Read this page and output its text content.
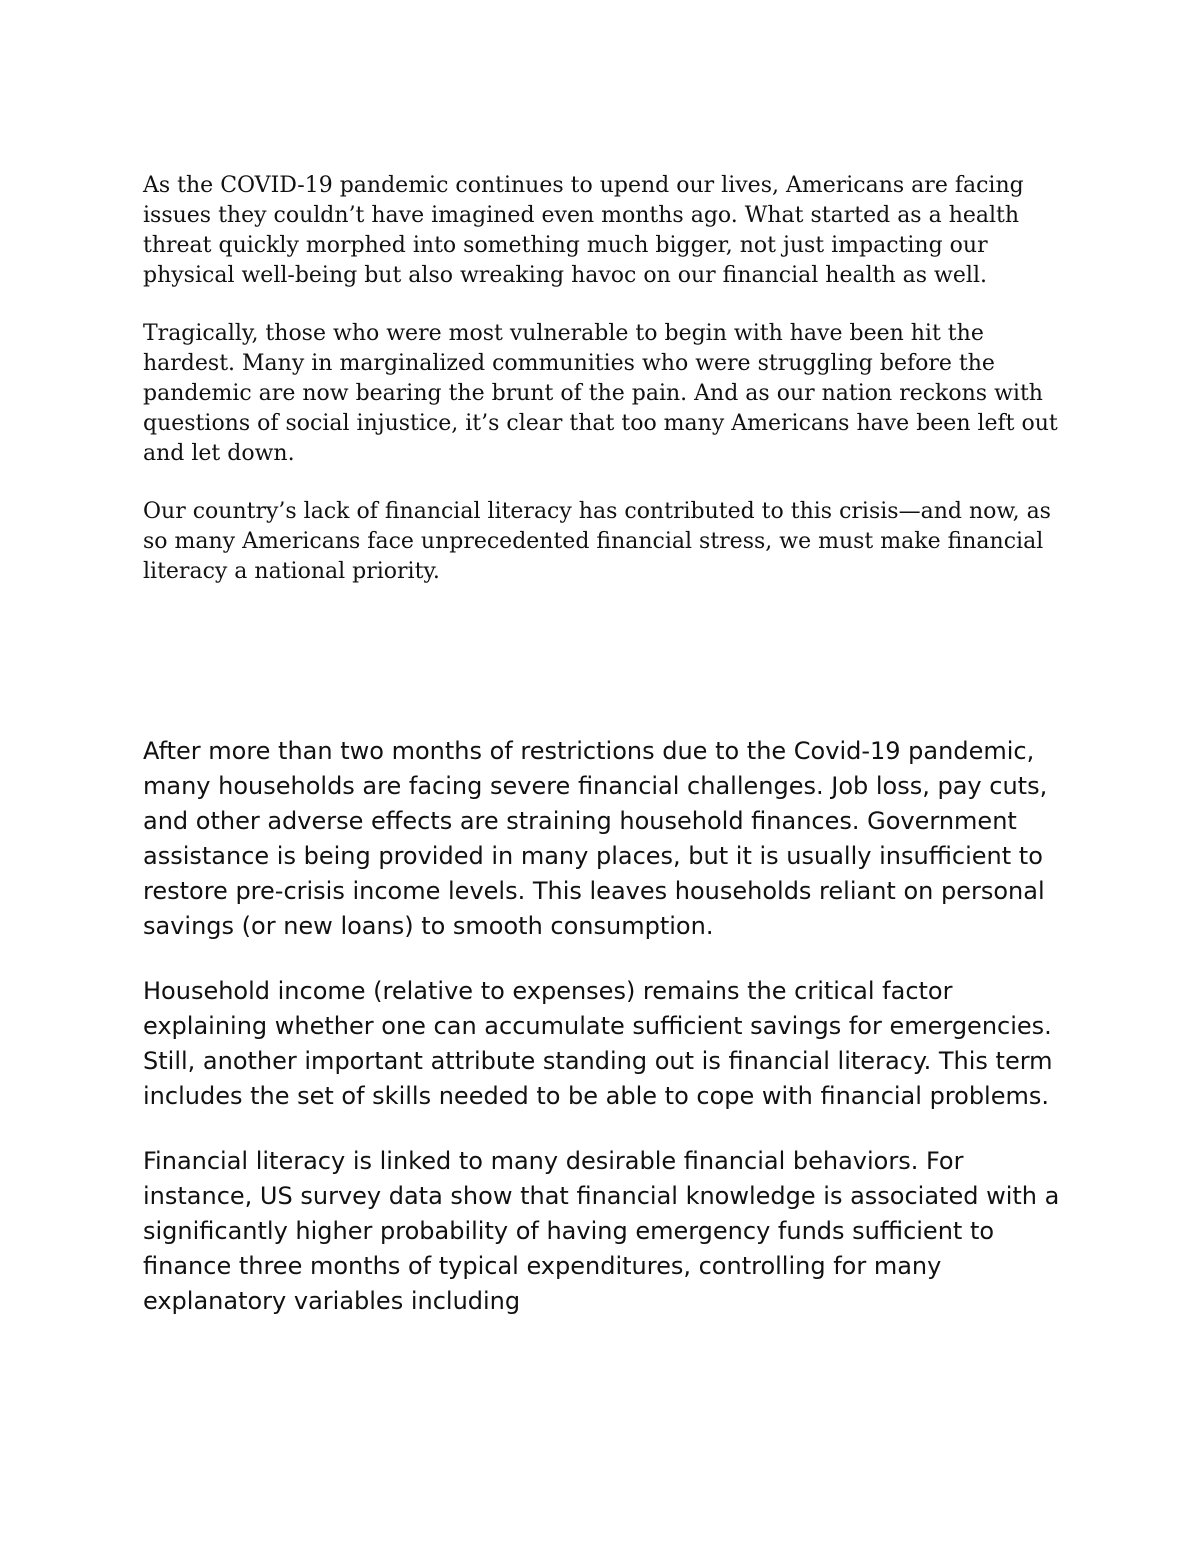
As the COVID-19 pandemic continues to upend our lives, Americans are facing issues they couldn’t have imagined even months ago. What started as a health threat quickly morphed into something much bigger, not just impacting our physical well-being but also wreaking havoc on our financial health as well.

Tragically, those who were most vulnerable to begin with have been hit the hardest. Many in marginalized communities who were struggling before the pandemic are now bearing the brunt of the pain. And as our nation reckons with questions of social injustice, it’s clear that too many Americans have been left out and let down.

Our country’s lack of financial literacy has contributed to this crisis—and now, as so many Americans face unprecedented financial stress, we must make financial literacy a national priority.

After more than two months of restrictions due to the Covid-19 pandemic, many households are facing severe financial challenges. Job loss, pay cuts, and other adverse effects are straining household finances. Government assistance is being provided in many places, but it is usually insufficient to restore pre-crisis income levels. This leaves households reliant on personal savings (or new loans) to smooth consumption.

Household income (relative to expenses) remains the critical factor explaining whether one can accumulate sufficient savings for emergencies. Still, another important attribute standing out is financial literacy. This term includes the set of skills needed to be able to cope with financial problems.

Financial literacy is linked to many desirable financial behaviors. For instance, US survey data show that financial knowledge is associated with a significantly higher probability of having emergency funds sufficient to finance three months of typical expenditures, controlling for many explanatory variables including
